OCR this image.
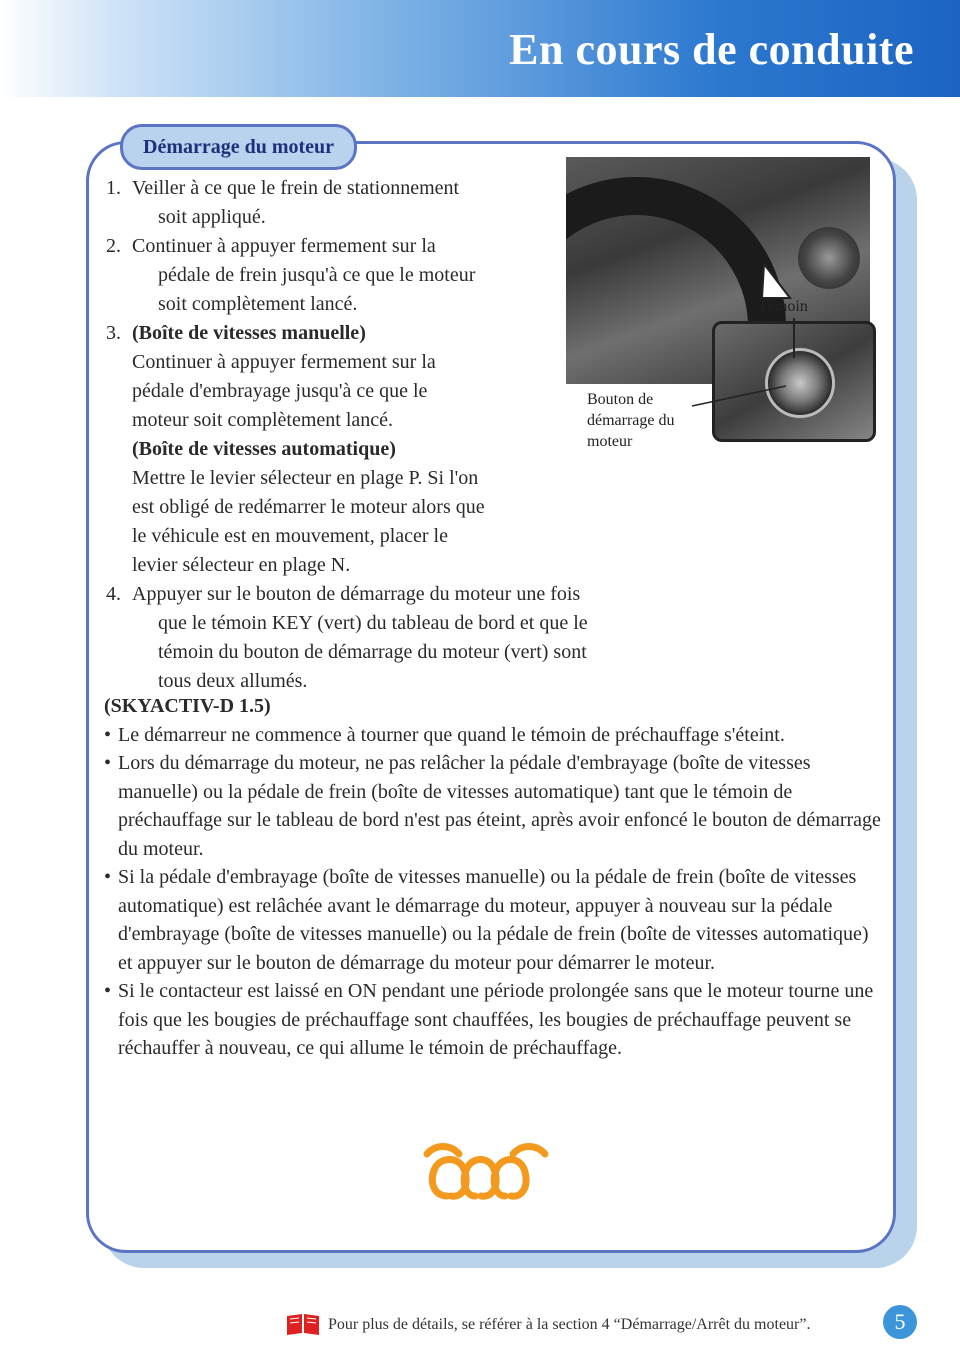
En cours de conduite
Démarrage du moteur
1. Veiller à ce que le frein de stationnement
soit appliqué.
2. Continuer à appuyer fermement sur la
pédale de frein jusqu'à ce que le moteur
soit complètement lancé.
3. (Boîte de vitesses manuelle)
Continuer à appuyer fermement sur la
pédale d'embrayage jusqu'à ce que le
moteur soit complètement lancé.
(Boîte de vitesses automatique)
Mettre le levier sélecteur en plage P. Si l'on
est obligé de redémarrer le moteur alors que
le véhicule est en mouvement, placer le
levier sélecteur en plage N.
4. Appuyer sur le bouton de démarrage du moteur une fois
que le témoin KEY (vert) du tableau de bord et que le
témoin du bouton de démarrage du moteur (vert) sont
tous deux allumés.
Témoin
Bouton de démarrage du moteur
(SKYACTIV-D 1.5)
• Le démarreur ne commence à tourner que quand le témoin de préchauffage s'éteint.
• Lors du démarrage du moteur, ne pas relâcher la pédale d'embrayage (boîte de vitesses manuelle) ou la pédale de frein (boîte de vitesses automatique) tant que le témoin de préchauffage sur le tableau de bord n'est pas éteint, après avoir enfoncé le bouton de démarrage du moteur.
• Si la pédale d'embrayage (boîte de vitesses manuelle) ou la pédale de frein (boîte de vitesses automatique) est relâchée avant le démarrage du moteur, appuyer à nouveau sur la pédale d'embrayage (boîte de vitesses manuelle) ou la pédale de frein (boîte de vitesses automatique) et appuyer sur le bouton de démarrage du moteur pour démarrer le moteur.
• Si le contacteur est laissé en ON pendant une période prolongée sans que le moteur tourne une fois que les bougies de préchauffage sont chauffées, les bougies de préchauffage peuvent se réchauffer à nouveau, ce qui allume le témoin de préchauffage.
Pour plus de détails, se référer à la section 4 “Démarrage/Arrêt du moteur”.	5
